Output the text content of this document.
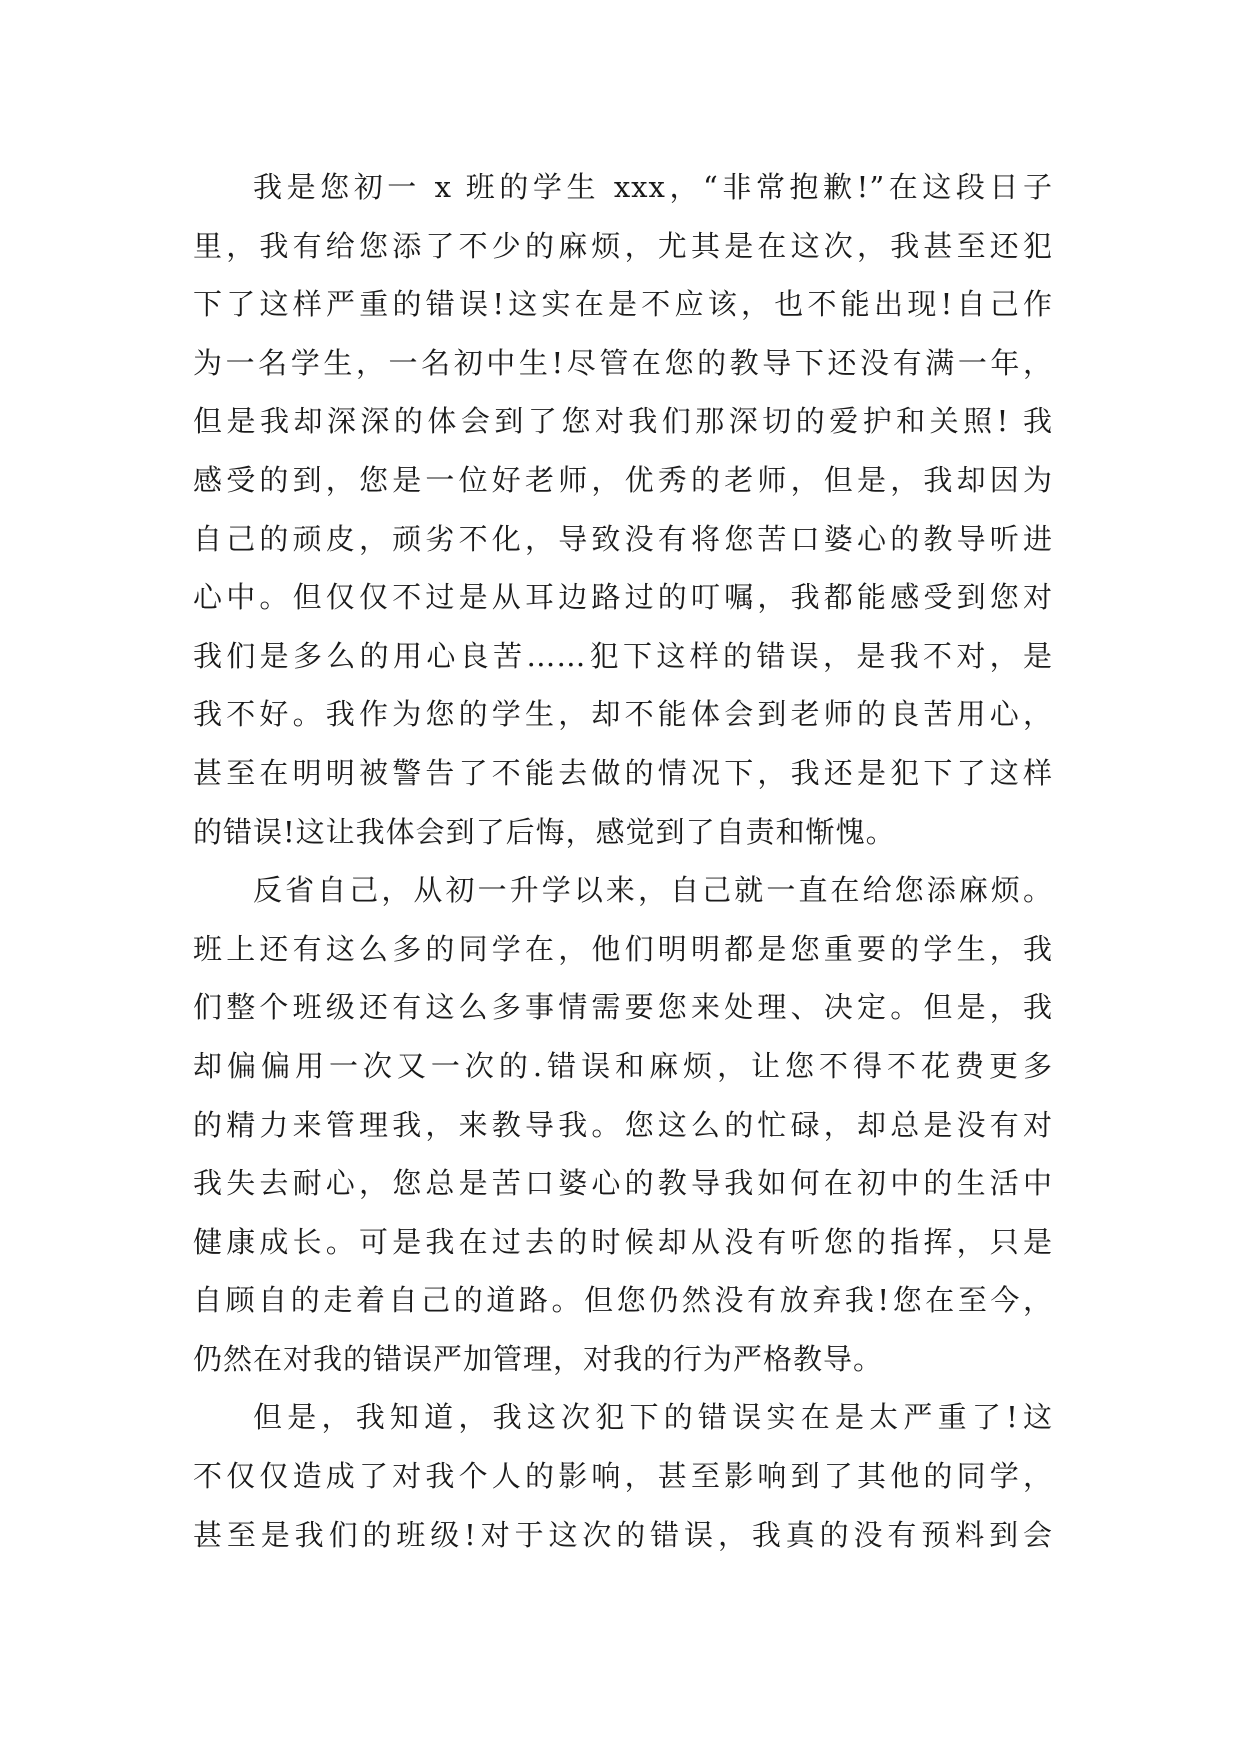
我是您初一 x 班的学生 xxx，“非常抱歉!”在这段日子
里，我有给您添了不少的麻烦，尤其是在这次，我甚至还犯
下了这样严重的错误!这实在是不应该，也不能出现!自己作
为一名学生，一名初中生!尽管在您的教导下还没有满一年，
但是我却深深的体会到了您对我们那深切的爱护和关照! 我
感受的到，您是一位好老师，优秀的老师，但是，我却因为
自己的顽皮，顽劣不化，导致没有将您苦口婆心的教导听进
心中。但仅仅不过是从耳边路过的叮嘱，我都能感受到您对
我们是多么的用心良苦……犯下这样的错误，是我不对，是
我不好。我作为您的学生，却不能体会到老师的良苦用心，
甚至在明明被警告了不能去做的情况下，我还是犯下了这样
的错误!这让我体会到了后悔，感觉到了自责和惭愧。
反省自己，从初一升学以来，自己就一直在给您添麻烦。
班上还有这么多的同学在，他们明明都是您重要的学生，我
们整个班级还有这么多事情需要您来处理、决定。但是，我
却偏偏用一次又一次的.错误和麻烦，让您不得不花费更多
的精力来管理我，来教导我。您这么的忙碌，却总是没有对
我失去耐心，您总是苦口婆心的教导我如何在初中的生活中
健康成长。可是我在过去的时候却从没有听您的指挥，只是
自顾自的走着自己的道路。但您仍然没有放弃我!您在至今，
仍然在对我的错误严加管理，对我的行为严格教导。
但是，我知道，我这次犯下的错误实在是太严重了!这
不仅仅造成了对我个人的影响，甚至影响到了其他的同学，
甚至是我们的班级!对于这次的错误，我真的没有预料到会
